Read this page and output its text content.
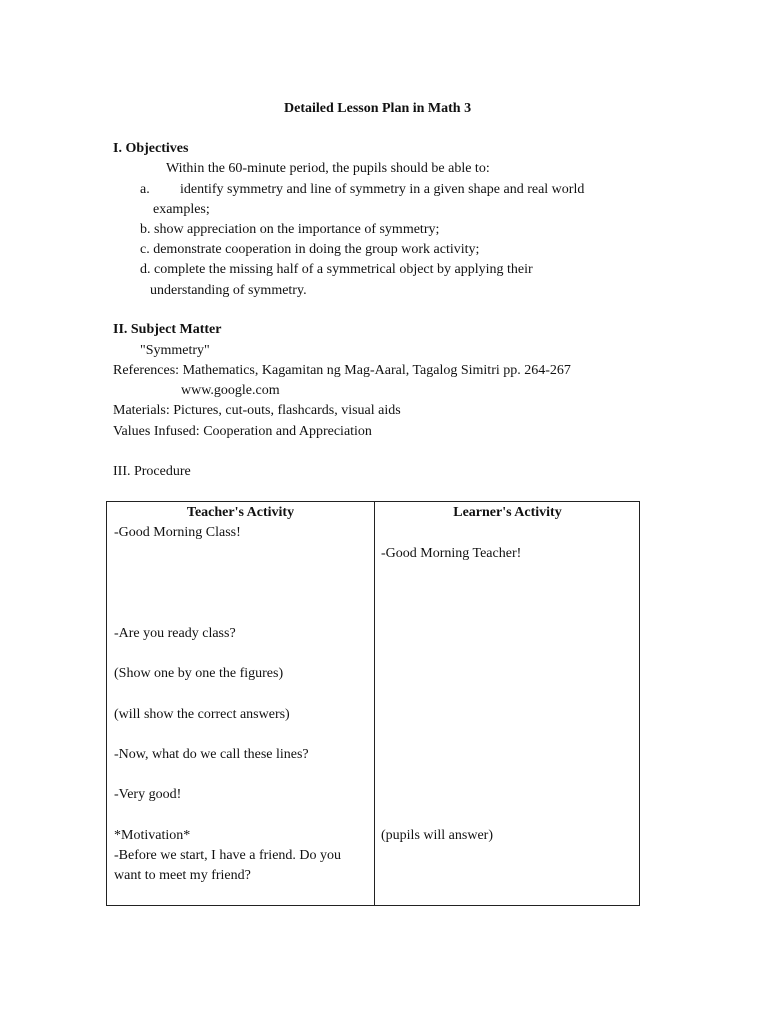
Detailed Lesson Plan in Math 3
I. Objectives
Within the 60-minute period, the pupils should be able to:
a. identify symmetry and line of symmetry in a given shape and real world
examples;
b. show appreciation on the importance of symmetry;
c. demonstrate cooperation in doing the group work activity;
d. complete the missing half of a symmetrical object by applying their
understanding of symmetry.
II. Subject Matter
"Symmetry"
References: Mathematics, Kagamitan ng Mag-Aaral, Tagalog Simitri pp. 264-267
www.google.com
Materials: Pictures, cut-outs, flashcards, visual aids
Values Infused: Cooperation and Appreciation
III. Procedure
Teacher's Activity	Learner's Activity
-Good Morning Class!
-Are you ready class?
(Show one by one the figures)
(will show the correct answers)
-Now, what do we call these lines?
-Very good!
*Motivation*
-Before we start, I have a friend. Do you
want to meet my friend?
-Good Morning Teacher!
(pupils will answer)
